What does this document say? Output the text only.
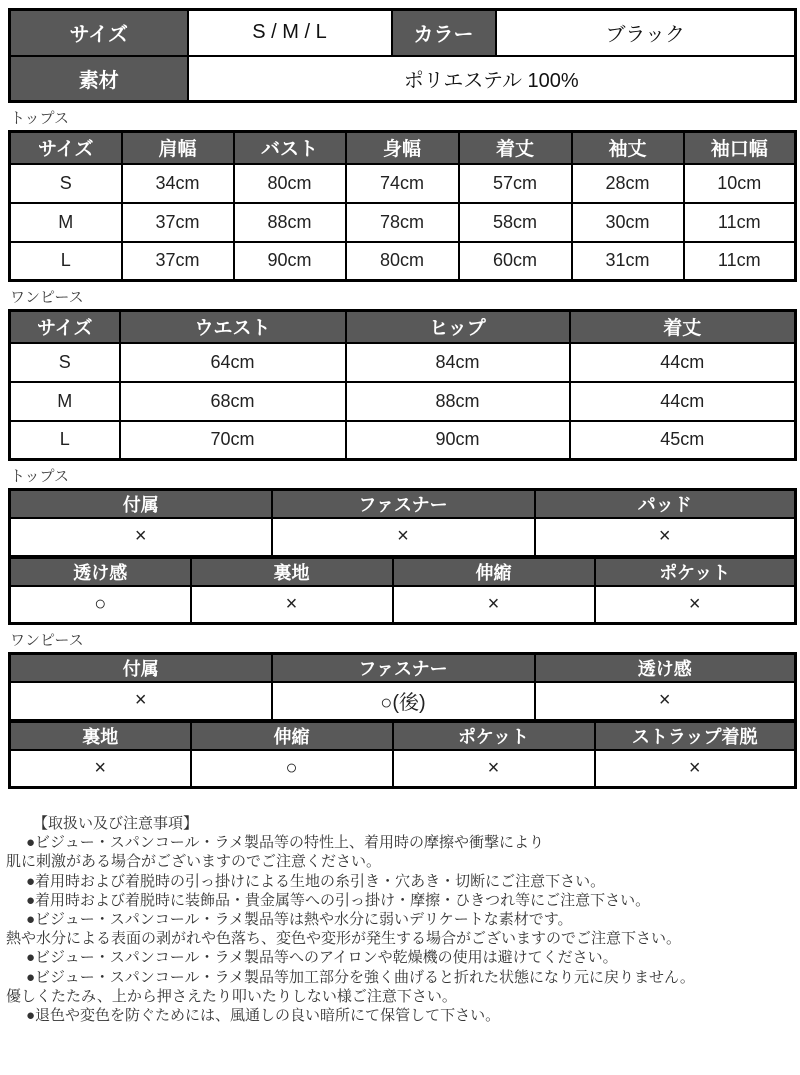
サイズ	S / M / L	カラー	ブラック
素材	ポリエステル 100%		
トップス
サイズ	肩幅	バスト	身幅	着丈	袖丈	袖口幅
S	34cm	80cm	74cm	57cm	28cm	10cm
M	37cm	88cm	78cm	58cm	30cm	11cm
L	37cm	90cm	80cm	60cm	31cm	11cm
ワンピース
サイズ	ウエスト	ヒップ	着丈
S	64cm	84cm	44cm
M	68cm	88cm	44cm
L	70cm	90cm	45cm
トップス
付属	ファスナー	パッド
×	×	×
透け感	裏地	伸縮	ポケット
○	×	×	×
ワンピース
付属	ファスナー	透け感
×	○(後)	×
裏地	伸縮	ポケット	ストラップ着脱
×	○	×	×
【取扱い及び注意事項】
●ビジュー・スパンコール・ラメ製品等の特性上、着用時の摩擦や衝撃により
肌に刺激がある場合がございますのでご注意ください。
●着用時および着脱時の引っ掛けによる生地の糸引き・穴あき・切断にご注意下さい。
●着用時および着脱時に装飾品・貴金属等への引っ掛け・摩擦・ひきつれ等にご注意下さい。
●ビジュー・スパンコール・ラメ製品等は熱や水分に弱いデリケートな素材です。
熱や水分による表面の剥がれや色落ち、変色や変形が発生する場合がございますのでご注意下さい。
●ビジュー・スパンコール・ラメ製品等へのアイロンや乾燥機の使用は避けてください。
●ビジュー・スパンコール・ラメ製品等加工部分を強く曲げると折れた状態になり元に戻りません。
優しくたたみ、上から押さえたり叩いたりしない様ご注意下さい。
●退色や変色を防ぐためには、風通しの良い暗所にて保管して下さい。
